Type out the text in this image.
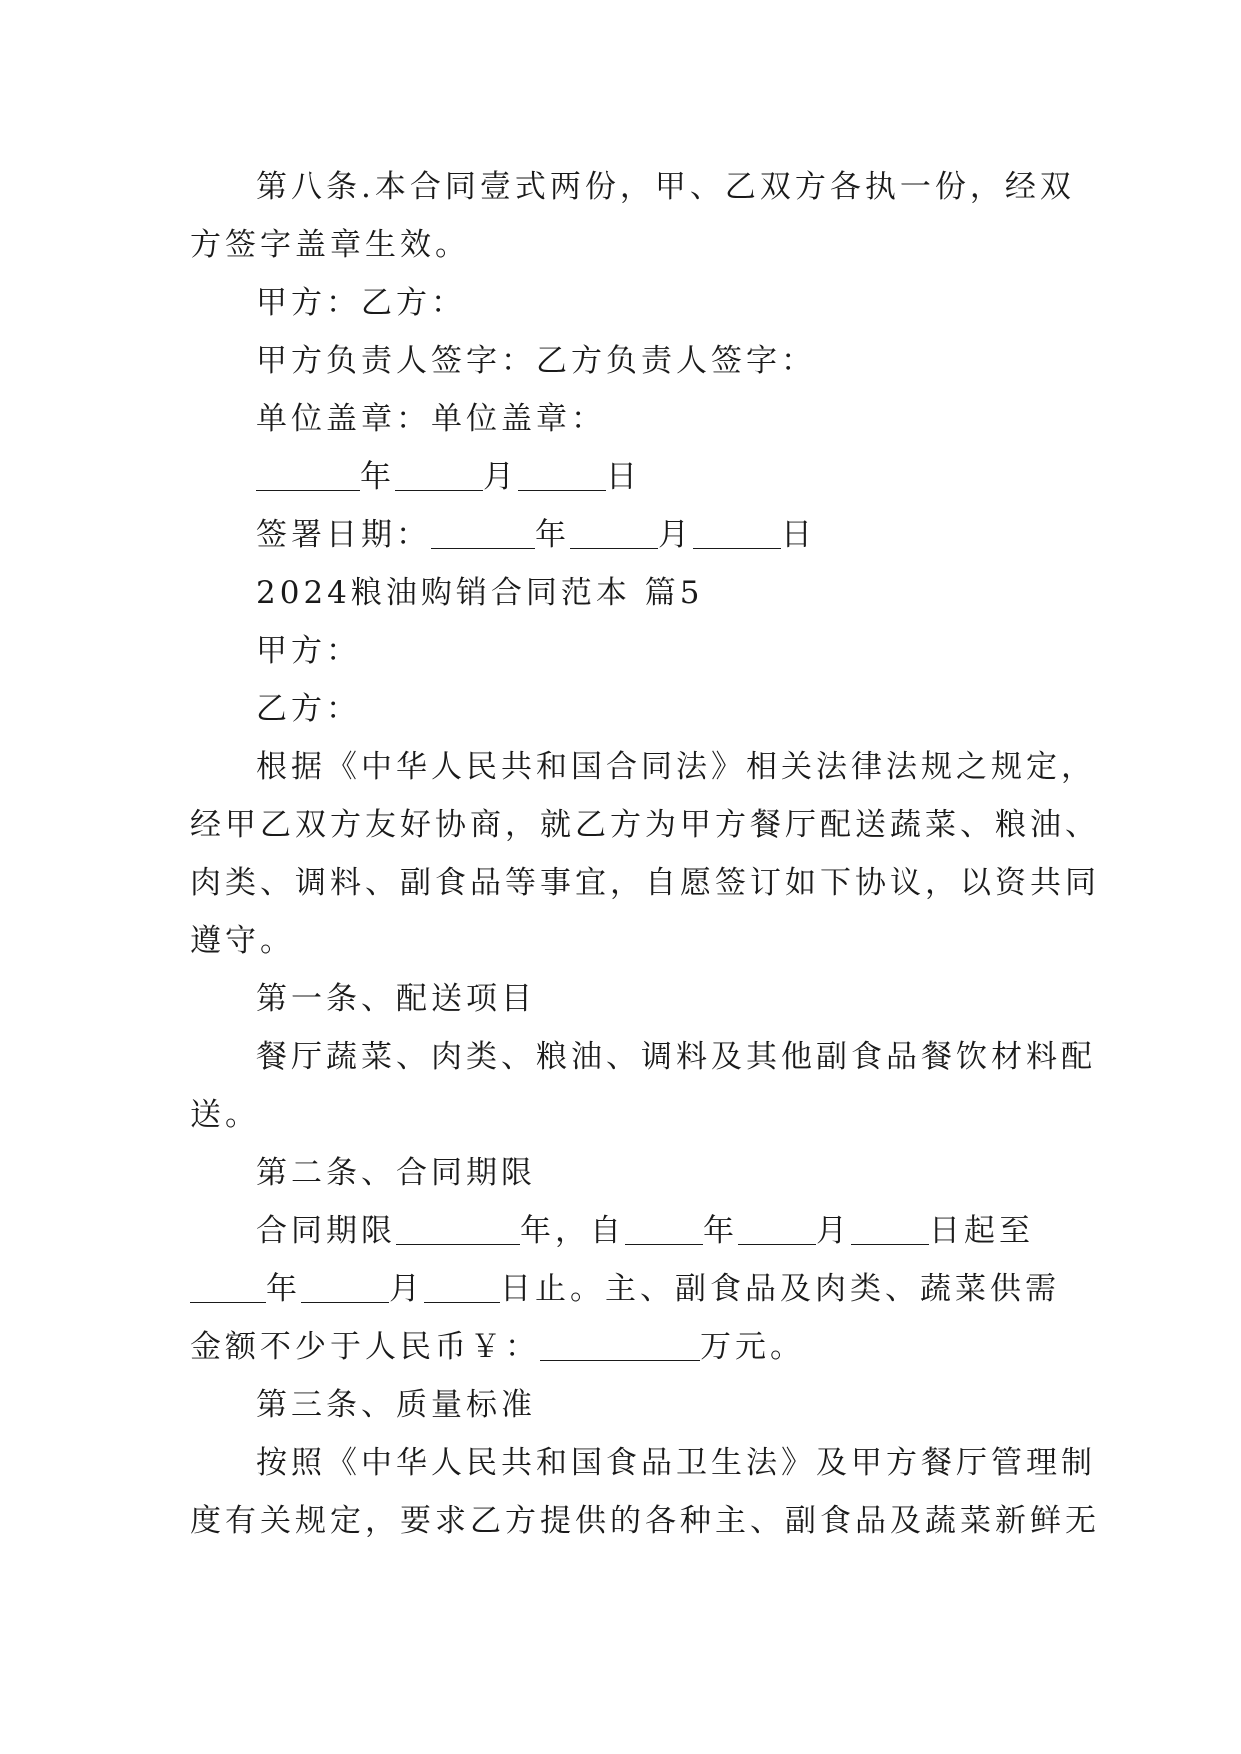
第八条.本合同壹式两份，甲、乙双方各执一份，经双
方签字盖章生效。
甲方：乙方：
甲方负责人签字：乙方负责人签字：
单位盖章：单位盖章：
年	月	日
签署日期：	年	月	日
2024粮油购销合同范本 篇5
甲方：
乙方：
根据《中华人民共和国合同法》相关法律法规之规定，
经甲乙双方友好协商，就乙方为甲方餐厅配送蔬菜、粮油、
肉类、调料、副食品等事宜，自愿签订如下协议，以资共同
遵守。
第一条、配送项目
餐厅蔬菜、肉类、粮油、调料及其他副食品餐饮材料配
送。
第二条、合同期限
合同期限	年，自	年	月	日起至
年	月 日止。主、副食品及肉类、蔬菜供需
金额不少于人民币￥：	万元。
第三条、质量标准
按照《中华人民共和国食品卫生法》及甲方餐厅管理制
度有关规定，要求乙方提供的各种主、副食品及蔬菜新鲜无
